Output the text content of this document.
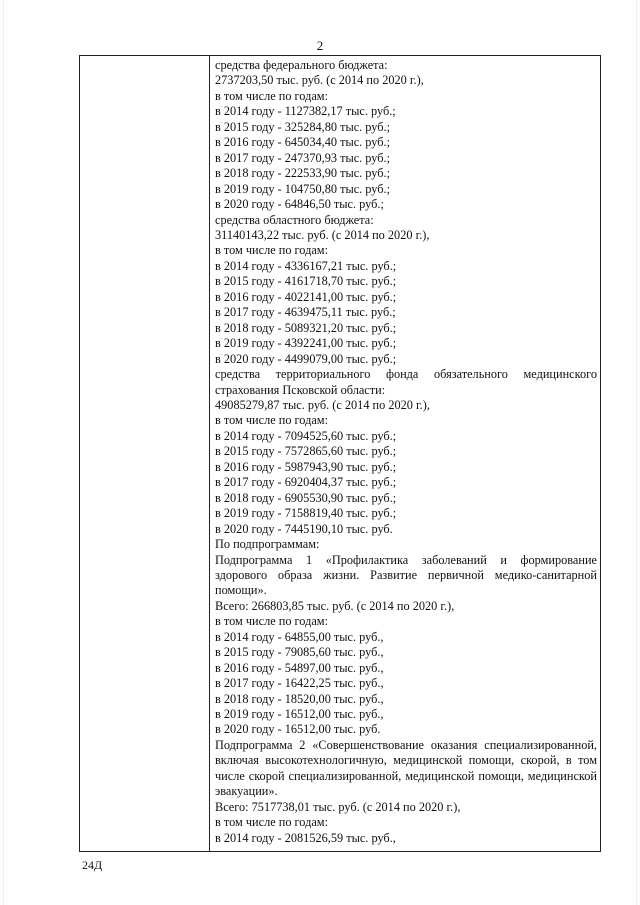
2
средства федерального бюджета:
2737203,50 тыс. руб. (с 2014 по 2020 г.),
в том числе по годам:
в 2014 году - 1127382,17 тыс. руб.;
в 2015 году - 325284,80 тыс. руб.;
в 2016 году - 645034,40 тыс. руб.;
в 2017 году - 247370,93 тыс. руб.;
в 2018 году - 222533,90 тыс. руб.;
в 2019 году - 104750,80 тыс. руб.;
в 2020 году - 64846,50 тыс. руб.;
средства областного бюджета:
31140143,22 тыс. руб. (с 2014 по 2020 г.),
в том числе по годам:
в 2014 году - 4336167,21 тыс. руб.;
в 2015 году - 4161718,70 тыс. руб.;
в 2016 году - 4022141,00 тыс. руб.;
в 2017 году - 4639475,11 тыс. руб.;
в 2018 году - 5089321,20 тыс. руб.;
в 2019 году - 4392241,00 тыс. руб.;
в 2020 году - 4499079,00 тыс. руб.;
средства территориального фонда обязательного медицинского страхования Псковской области:
49085279,87 тыс. руб. (с 2014 по 2020 г.),
в том числе по годам:
в 2014 году - 7094525,60 тыс. руб.;
в 2015 году - 7572865,60 тыс. руб.;
в 2016 году - 5987943,90 тыс. руб.;
в 2017 году - 6920404,37 тыс. руб.;
в 2018 году - 6905530,90 тыс. руб.;
в 2019 году - 7158819,40 тыс. руб.;
в 2020 году - 7445190,10 тыс. руб.
По подпрограммам:
Подпрограмма 1 «Профилактика заболеваний и формирование здорового образа жизни. Развитие первичной медико-санитарной помощи».
Всего: 266803,85 тыс. руб. (с 2014 по 2020 г.),
в том числе по годам:
в 2014 году - 64855,00 тыс. руб.,
в 2015 году - 79085,60 тыс. руб.,
в 2016 году - 54897,00 тыс. руб.,
в 2017 году - 16422,25 тыс. руб.,
в 2018 году - 18520,00 тыс. руб.,
в 2019 году - 16512,00 тыс. руб.,
в 2020 году - 16512,00 тыс. руб.
Подпрограмма 2 «Совершенствование оказания специализированной, включая высокотехнологичную, медицинской помощи, скорой, в том числе скорой специализированной, медицинской помощи, медицинской эвакуации».
Всего: 7517738,01 тыс. руб. (с 2014 по 2020 г.),
в том числе по годам:
в 2014 году - 2081526,59 тыс. руб.,
24Д
